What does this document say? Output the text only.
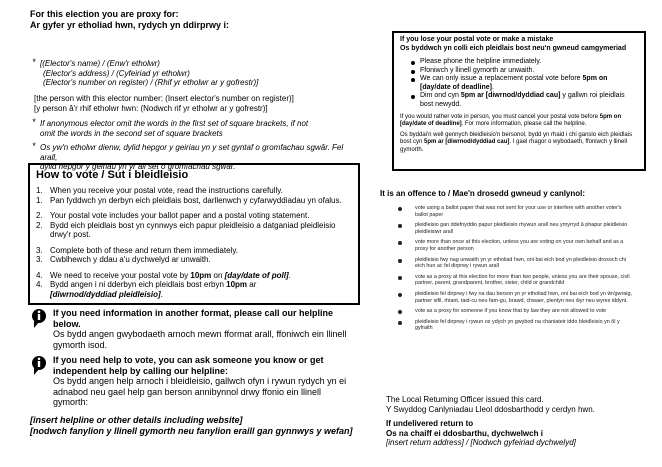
For this election you are proxy for:
Ar gyfer yr etholiad hwn, rydych yn ddirprwy i:
* [(Elector's name) / (Enw'r etholwr)
(Elector's address) / (Cyfeiriad yr etholwr)
(Elector's number on register) / (Rhif yr etholwr ar y gofrestr)]
[the person with this elector number: (Insert elector's number on register)]
[y person â'r rhif etholwr hwn: (Nodwch rif yr etholwr ar y gofrestr)]
* If anonymous elector omit the words in the first set of square brackets, if not
omit the words in the second set of square brackets
* Os yw'n etholwr dienw, dylid hepgor y geiriau yn y set gyntaf o gromfachau sgwâr. Fel arall,
dylid hepgor y geiriau yn yr ail set o gromfachau sgwâr.
How to vote / Sut i bleidleisio
1. When you receive your postal vote, read the instructions carefully.
1. Pan fyddwch yn derbyn eich pleidlais bost, darllenwch y cyfarwyddiadau yn ofalus.
2. Your postal vote includes your ballot paper and a postal voting statement.
2. Bydd eich pleidlais bost yn cynnwys eich papur pleidleisio a datganiad pleidleisio drwy'r post.
3. Complete both of these and return them immediately.
3. Cwblhewch y ddau a'u dychwelyd ar unwaith.
4. We need to receive your postal vote by 10pm on [day/date of poll].
4. Bydd angen i ni dderbyn eich pleidlais bost erbyn 10pm ar
[diwrnod/dyddiad pleidleisio].
If you need information in another format, please call our helpline below.
Os bydd angen gwybodaeth arnoch mewn fformat arall, ffoniwch ein llinell gymorth isod.
If you need help to vote, you can ask someone you know or get independent help by calling our helpline:
Os bydd angen help arnoch i bleidleisio, gallwch ofyn i rywun rydych yn ei adnabod neu gael help gan berson annibynnol drwy ffonio ein llinell gymorth:
[insert helpline or other details including website]
[nodwch fanylion y llinell gymorth neu fanylion eraill gan gynnwys y wefan]
If you lose your postal vote or make a mistake
Os byddwch yn colli eich pleidlais bost neu'n gwneud camgymeriad
Please phone the helpline immediately.
Ffoniwch y llinell gymorth ar unwaith.
We can only issue a replacement postal vote before 5pm on [day/date of deadline].
Dim ond cyn 5pm ar [diwrnod/dyddiad cau] y gallwn roi pleidlais bost newydd.
If you would rather vote in person, you must cancel your postal vote before 5pm on [day/date of deadline]. For more information, please call the helpline.
Os byddai'n well gennych bleidleisio'n bersonol, bydd yn rhaid i chi ganslo eich pleidlais bost cyn 5pm ar [diwrnod/dyddiad cau]. I gael rhagor o wybodaeth, ffoniwch y llinell gymorth.
It is an offence to / Mae'n drosedd gwneud y canlynol:
vote using a ballot paper that was not sent for your use or interfere with another voter's ballot paper
pleidleisio gan ddefnyddio papur pleidleisio rhywun arall neu ymyrryd â phapur pleidleisio pleidleisiwr arall
vote more than once at this election, unless you are voting on your own behalf and as a proxy for another person
pleidleisio fwy nag unwaith yn yr etholiad hwn, oni bai eich bod yn pleidleisio drosoch chi eich hun ac fel dirprwy i rywun arall
vote as a proxy at this election for more than two people, unless you are their spouse, civil partner, parent, grandparent, brother, sister, child or grandchild
pleidleisio fel dirprwy i fwy na dau berson yn yr etholiad hwn, oni bai eich bod yn ŵr/gwraig, partner sifil, rhiant, taid-cu neu fam-gu, brawd, chwaer, plentyn neu ŵyr neu wyres iddynt.
vote as a proxy for someone if you know that by law they are not allowed to vote
pleidleisio fel dirprwy i rywun os ydych yn gwybod na chaniateir iddo bleidleisio yn ôl y gyfraith
The Local Returning Officer issued this card.
Y Swyddog Canlyniadau Lleol ddosbarthodd y cerdyn hwn.
If undelivered return to
Os na chaiff ei ddosbarthu, dychwelwch i
[insert return address] / [Nodwch gyfeiriad dychwelyd]
